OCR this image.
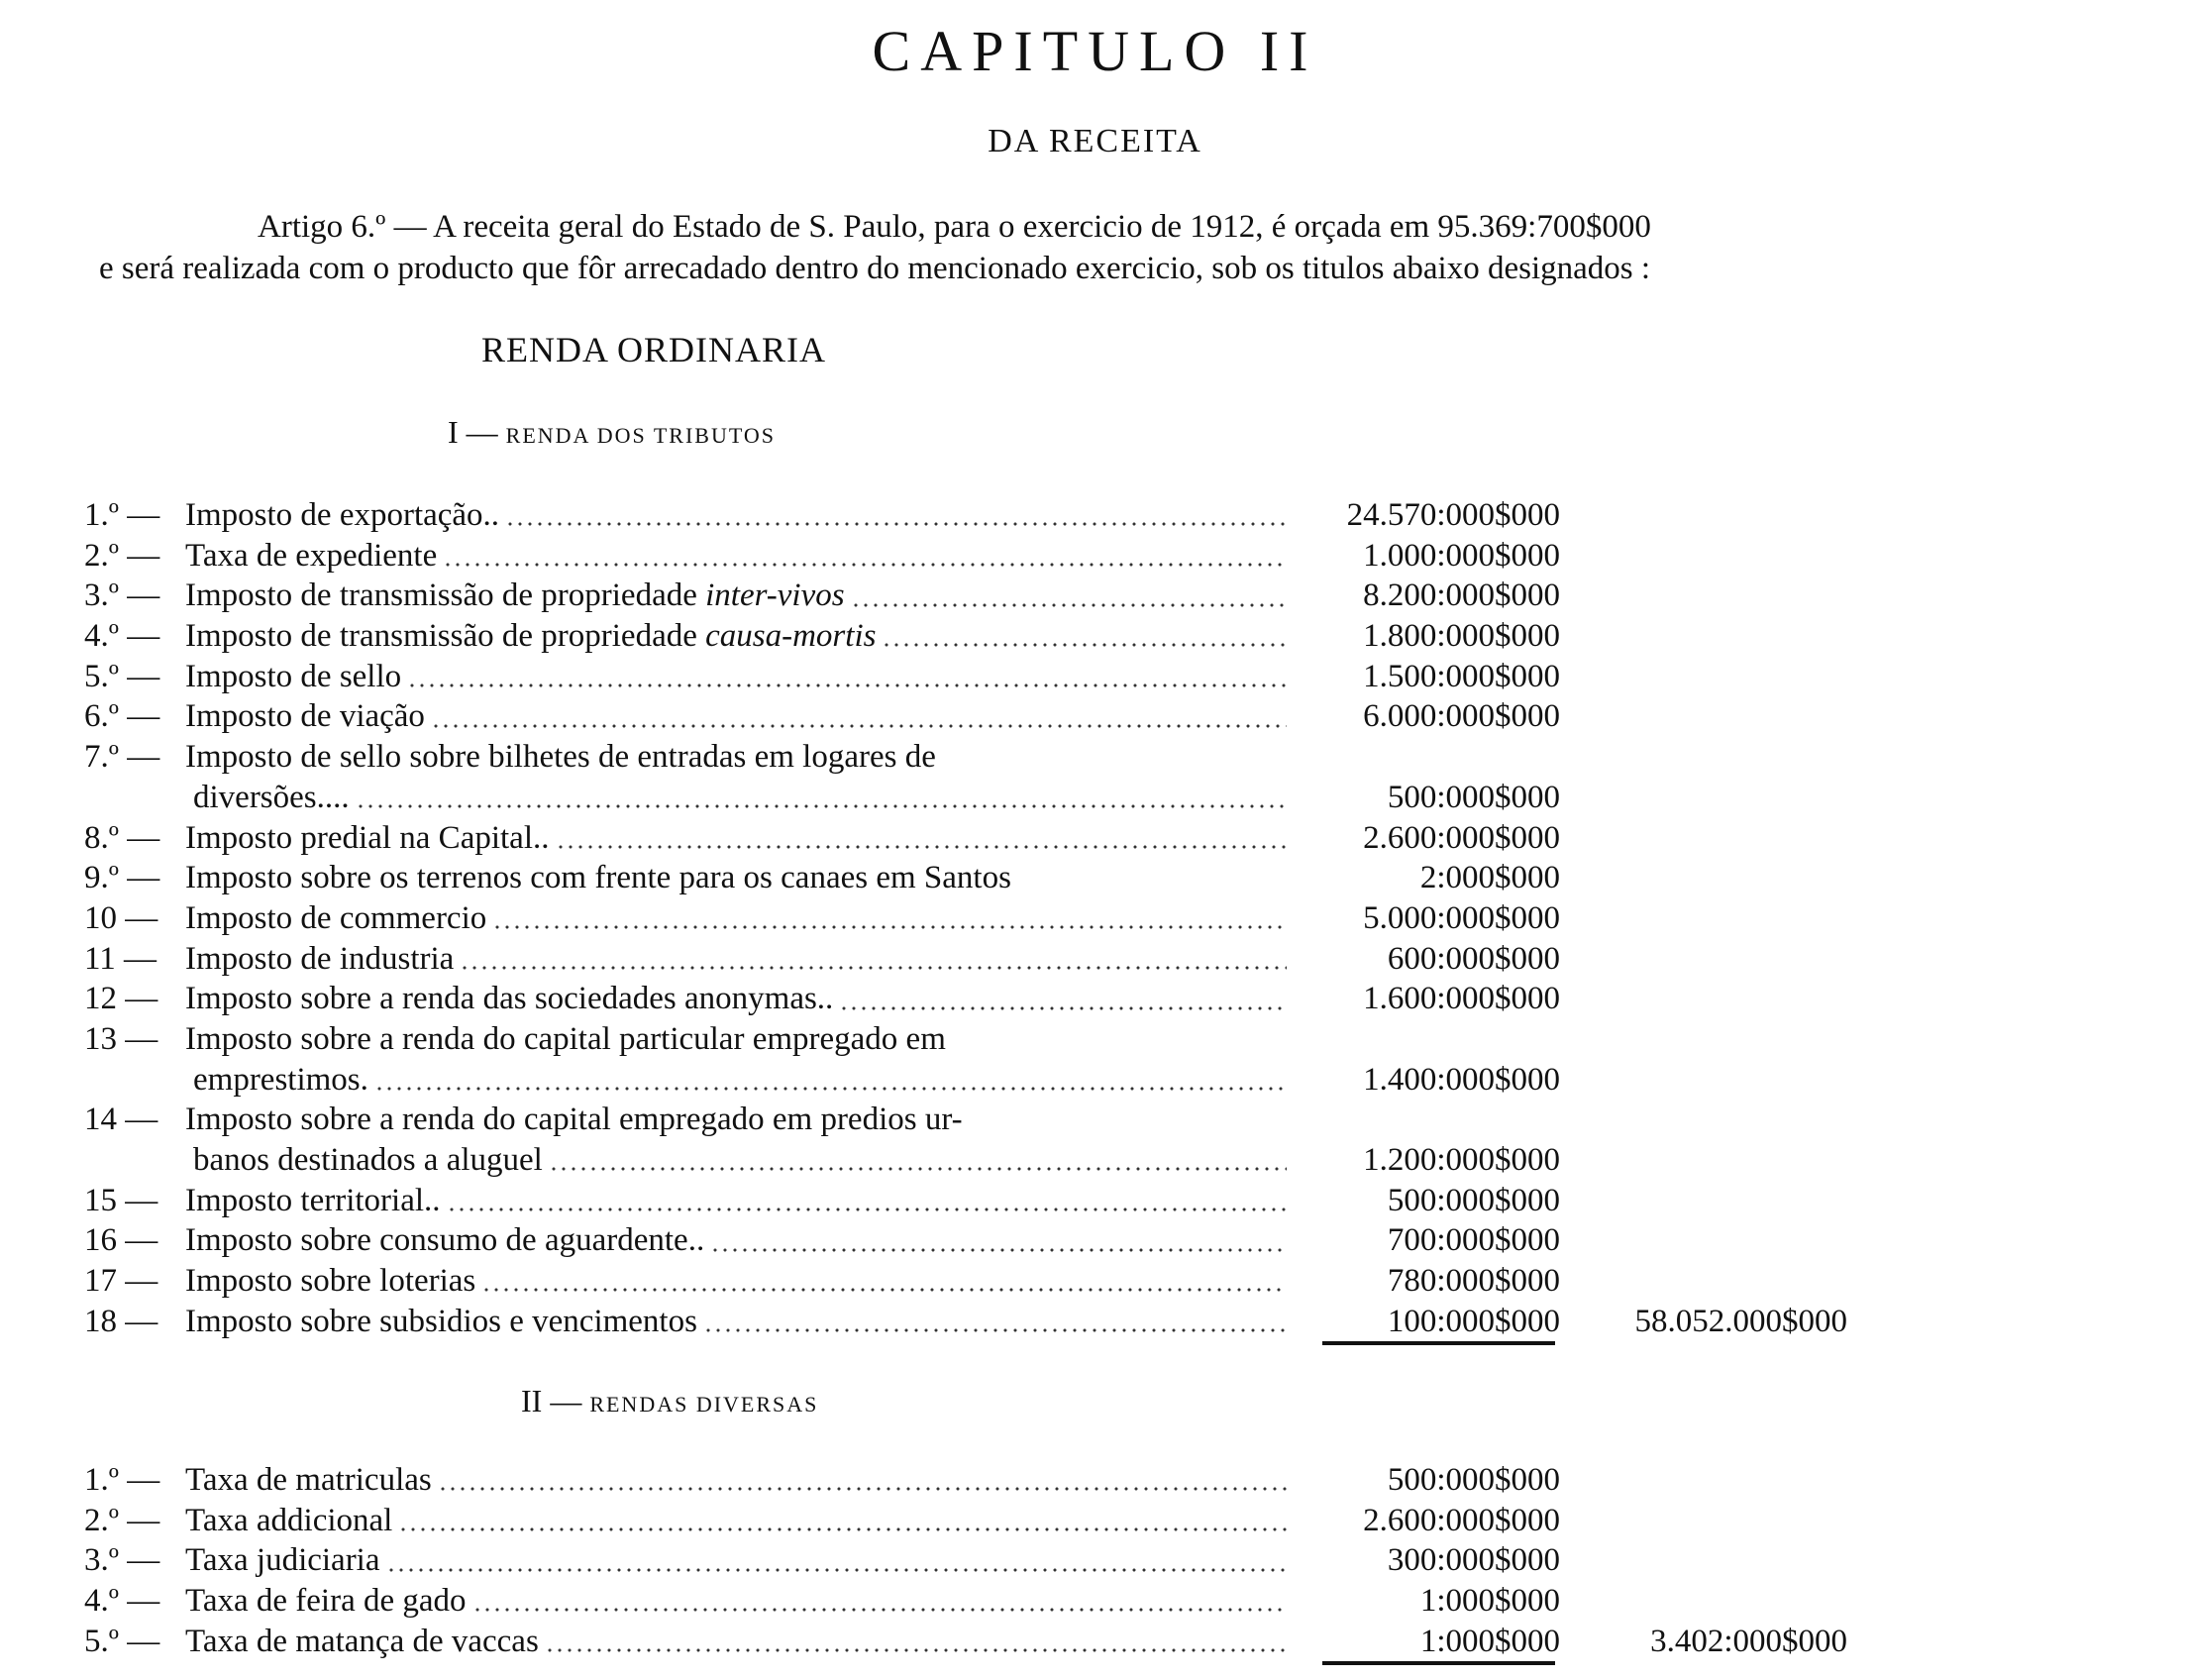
CAPITULO II
DA RECEITA
Artigo 6.º — A receita geral do Estado de S. Paulo, para o exercicio de 1912, é orçada em 95.369:700$000
e será realizada com o producto que fôr arrecadado dentro do mencionado exercicio, sob os titulos abaixo designados :
RENDA ORDINARIA
I — RENDA DOS TRIBUTOS
1.º — Imposto de exportação..	24.570:000$000
2.º — Taxa de expediente	1.000:000$000
3.º — Imposto de transmissão de propriedade inter-vivos	8.200:000$000
4.º — Imposto de transmissão de propriedade causa-mortis	1.800:000$000
5.º — Imposto de sello	1.500:000$000
6.º — Imposto de viação	6.000:000$000
7.º — Imposto de sello sobre bilhetes de entradas em logares de
diversões....	500:000$000
8.º — Imposto predial na Capital..	2.600:000$000
9.º — Imposto sobre os terrenos com frente para os canaes em Santos	2:000$000
10 — Imposto de commercio	5.000:000$000
11 — Imposto de industria	600:000$000
12 — Imposto sobre a renda das sociedades anonymas..	1.600:000$000
13 — Imposto sobre a renda do capital particular empregado em
emprestimos.	1.400:000$000
14 — Imposto sobre a renda do capital empregado em predios ur-
banos destinados a aluguel	1.200:000$000
15 — Imposto territorial..	500:000$000
16 — Imposto sobre consumo de aguardente..	700:000$000
17 — Imposto sobre loterias	780:000$000
18 — Imposto sobre subsidios e vencimentos	100:000$000	58.052.000$000
II — RENDAS DIVERSAS
1.º — Taxa de matriculas	500:000$000
2.º — Taxa addicional	2.600:000$000
3.º — Taxa judiciaria	300:000$000
4.º — Taxa de feira de gado	1:000$000
5.º — Taxa de matança de vaccas	1:000$000	3.402:000$000
